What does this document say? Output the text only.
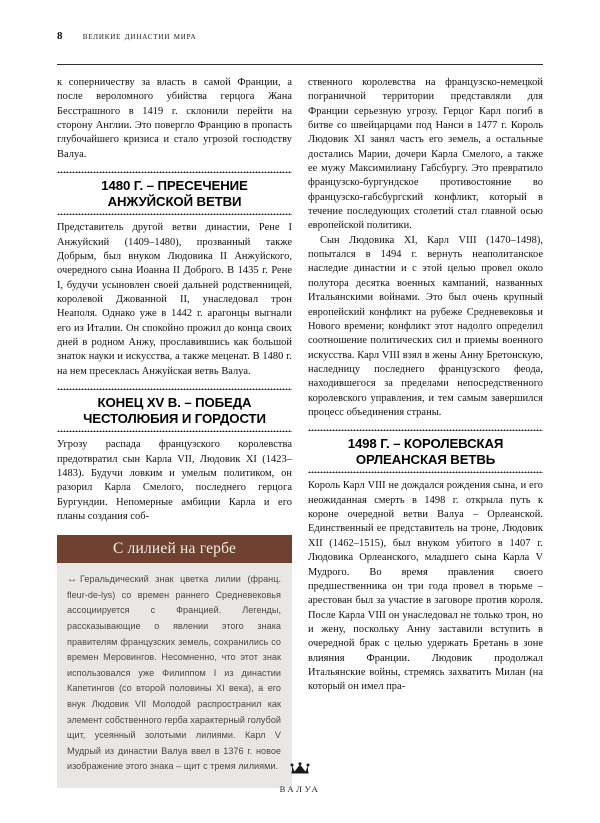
8 великие династии мира

к соперничеству за власть в самой Франции, а после вероломного убийства герцога Жана Бесстрашного в 1419 г. склонили перейти на сторону Англии. Это повергло Францию в пропасть глубочайшего кризиса и стало угрозой господству Валуа.

1480 Г. – ПРЕСЕЧЕНИЕ
АНЖУЙСКОЙ ВЕТВИ

Представитель другой ветви династии, Рене I Анжуйский (1409–1480), прозванный также Добрым, был внуком Людовика II Анжуйского, очередного сына Иоанна II Доброго. В 1435 г. Рене I, будучи усыновлен своей дальней родственницей, королевой Джованной II, унаследовал трон Неаполя. Однако уже в 1442 г. арагонцы выгнали его из Италии. Он спокойно прожил до конца своих дней в родном Анжу, прославившись как большой знаток науки и искусства, а также меценат. В 1480 г. на нем пресеклась Анжуйская ветвь Валуа.

КОНЕЦ XV В. – ПОБЕДА
ЧЕСТОЛЮБИЯ И ГОРДОСТИ

Угрозу распада французского королевства предотвратил сын Карла VII, Людовик XI (1423–1483). Будучи ловким и умелым политиком, он разорил Карла Смелого, последнего герцога Бургундии. Непомерные амбиции Карла и его планы создания соб-

С лилией на гербе

↔ Геральдический знак цветка лилии (франц. fleur-de-lys) со времен раннего Средневековья ассоциируется с Францией. Легенды, рассказывающие о явлении этого знака правителям французских земель, сохранились со времен Меровингов. Несомненно, что этот знак использовался уже Филиппом I из династии Капетингов (со второй половины XI века), а его внук Людовик VII Молодой распространил как элемент собственного герба характерный голубой щит, усеянный золотыми лилиями. Карл V Мудрый из династии Валуа ввел в 1376 г. новое изображение этого знака – щит с тремя лилиями.

ственного королевства на французско-немецкой пограничной территории представляли для Франции серьезную угрозу. Герцог Карл погиб в битве со швейцарцами под Нанси в 1477 г. Король Людовик XI занял часть его земель, а остальные достались Марии, дочери Карла Смелого, а также ее мужу Максимилиану Габсбургу. Это превратило французско-бургундское противостояние во французско-габсбургский конфликт, который в течение последующих столетий стал главной осью европейской политики.

Сын Людовика XI, Карл VIII (1470–1498), попытался в 1494 г. вернуть неаполитанское наследие династии и с этой целью провел около полутора десятка военных кампаний, названных Итальянскими войнами. Это был очень крупный европейский конфликт на рубеже Средневековья и Нового времени; конфликт этот надолго определил соотношение политических сил и приемы военного искусства. Карл VIII взял в жены Анну Бретонскую, наследницу последнего французского феода, находившегося за пределами непосредственного королевского управления, и тем самым завершился процесс объединения страны.

1498 Г. – КОРОЛЕВСКАЯ
ОРЛЕАНСКАЯ ВЕТВЬ

Король Карл VIII не дождался рождения сына, и его неожиданная смерть в 1498 г. открыла путь к короне очередной ветви Валуа – Орлеанской. Единственный ее представитель на троне, Людовик XII (1462–1515), был внуком убитого в 1407 г. Людовика Орлеанского, младшего сына Карла V Мудрого. Во время правления своего предшественника он три года провел в тюрьме – арестован был за участие в заговоре против короля. После Карла VIII он унаследовал не только трон, но и жену, поскольку Анну заставили вступить в очередной брак с целью удержать Бретань в зоне влияния Франции. Людовик продолжал Итальянские войны, стремясь захватить Милан (на который он имел пра-

ВАЛУА
